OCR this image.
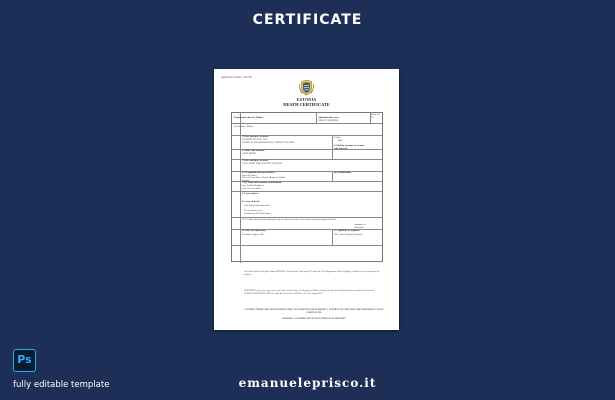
CERTIFICATE
Application number: 1827191
ESTONIA
DEATH CERTIFICATE
Registration district: Tallinn	Administrative area:
NEBUT CHESHIRE
Entry No.
45
Sub-district: Tallinn
1. Date and place of death
TWENTIETH JULY 1965
HOSPITAL EXAMINATIONAL CENTRE TALLINN
2. Name and Surname
JOHN SMITH
3. Sex
Male
4. Maiden surname of woman who married
5. Date and place of birth
10TH APRIL 1904 TALLINN, ESTONIA
6. Occupation and usual address
Retired Farmer
Flat 14 Green Street, Harju Maakond, Tallinn
Estonia
(b) Qualification
7. (a) Name and surname of informant
Jane Smith (Daughter)
Flat 14 Green Street
8. Usual address
9. Cause of death
I (a) Myocardial infarction
II. Arteriosclerosis
Certified by Dr. Karl Tamm
10. I certify that the particulars given by me above are true to the best of my knowledge and belief
Signature of informant
11. Date of registration
Twentieth August 1965
12. Signature of registrar
H.K. Tamm Deputy Registrar
In Death Certificate Register Estonia KHOPKA. Extracted on 12th April 2023 from the Civil Registration Office Registry, certified copy of an entry in the Register.
CERTIFIED to be a true copy of an entry in the certified copy of a Register of Births, Deaths or Deaths in the District above mentioned. Given at the GENERAL REGISTER OFFICE, under the Seal of the said Office, the 12th August 2023
CAUTION: THERE ARE OFFENCES RELATING TO FALSIFYING OR ALTERING A CERTIFICATE AND USING OR POSSESSING A FALSE CERTIFICATE
WARNING: A CERTIFICATE IS NOT EVIDENCE OF IDENTITY
Ps
fully editable template	emanueleprisco.it
